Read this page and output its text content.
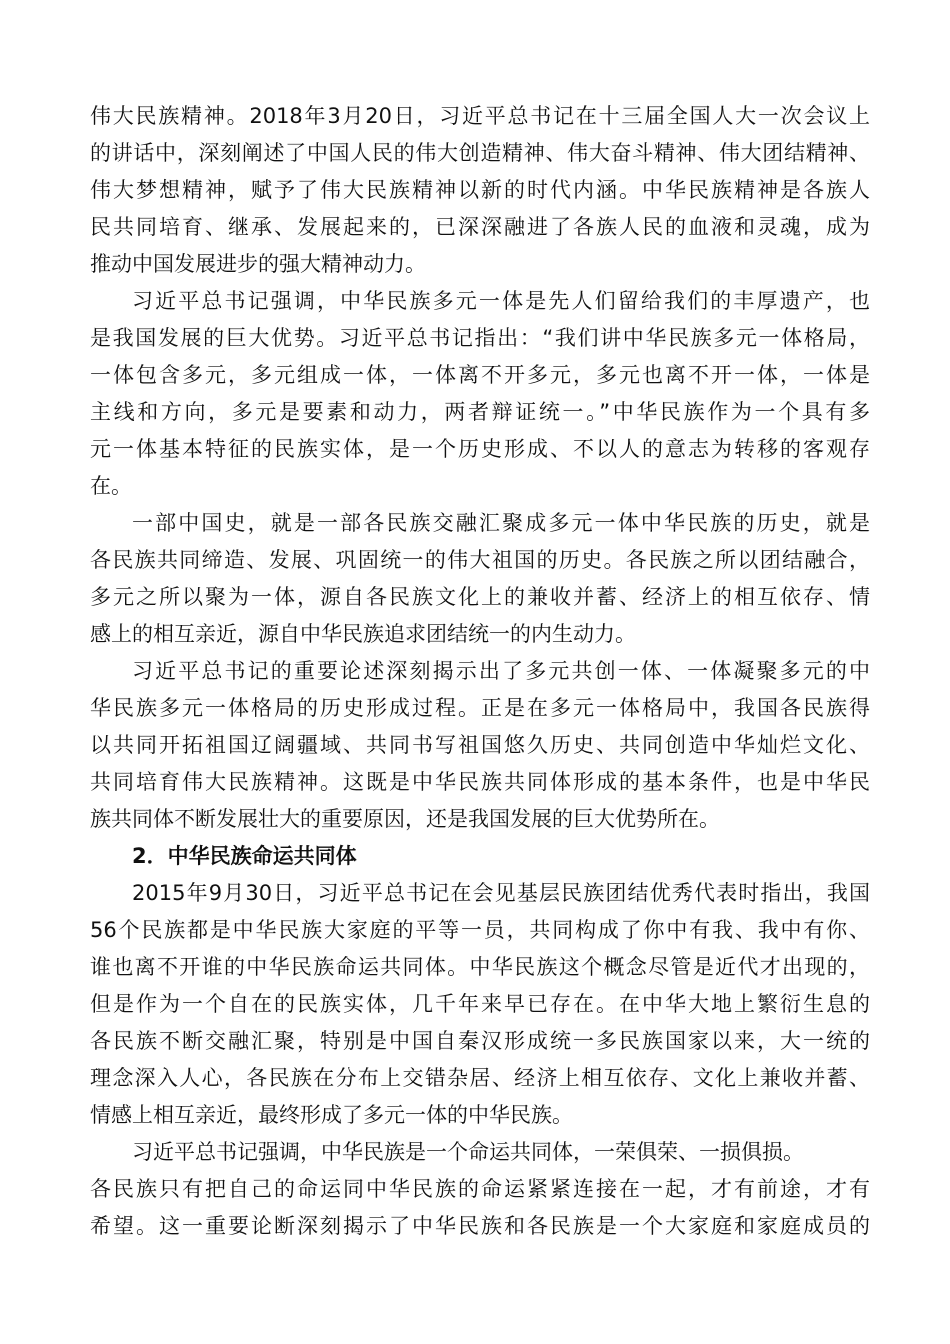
伟大民族精神。2018年3月20日，习近平总书记在十三届全国人大一次会议上
的讲话中，深刻阐述了中国人民的伟大创造精神、伟大奋斗精神、伟大团结精神、
伟大梦想精神，赋予了伟大民族精神以新的时代内涵。中华民族精神是各族人
民共同培育、继承、发展起来的，已深深融进了各族人民的血液和灵魂，成为
推动中国发展进步的强大精神动力。
习近平总书记强调，中华民族多元一体是先人们留给我们的丰厚遗产，也
是我国发展的巨大优势。习近平总书记指出：“我们讲中华民族多元一体格局，
一体包含多元，多元组成一体，一体离不开多元，多元也离不开一体，一体是
主线和方向，多元是要素和动力，两者辩证统一。”中华民族作为一个具有多
元一体基本特征的民族实体，是一个历史形成、不以人的意志为转移的客观存
在。
一部中国史，就是一部各民族交融汇聚成多元一体中华民族的历史，就是
各民族共同缔造、发展、巩固统一的伟大祖国的历史。各民族之所以团结融合，
多元之所以聚为一体，源自各民族文化上的兼收并蓄、经济上的相互依存、情
感上的相互亲近，源自中华民族追求团结统一的内生动力。
习近平总书记的重要论述深刻揭示出了多元共创一体、一体凝聚多元的中
华民族多元一体格局的历史形成过程。正是在多元一体格局中，我国各民族得
以共同开拓祖国辽阔疆域、共同书写祖国悠久历史、共同创造中华灿烂文化、
共同培育伟大民族精神。这既是中华民族共同体形成的基本条件，也是中华民
族共同体不断发展壮大的重要原因，还是我国发展的巨大优势所在。
2．中华民族命运共同体
2015年9月30日，习近平总书记在会见基层民族团结优秀代表时指出，我国
56个民族都是中华民族大家庭的平等一员，共同构成了你中有我、我中有你、
谁也离不开谁的中华民族命运共同体。中华民族这个概念尽管是近代才出现的，
但是作为一个自在的民族实体，几千年来早已存在。在中华大地上繁衍生息的
各民族不断交融汇聚，特别是中国自秦汉形成统一多民族国家以来，大一统的
理念深入人心，各民族在分布上交错杂居、经济上相互依存、文化上兼收并蓄、
情感上相互亲近，最终形成了多元一体的中华民族。
习近平总书记强调，中华民族是一个命运共同体，一荣俱荣、一损俱损。
各民族只有把自己的命运同中华民族的命运紧紧连接在一起，才有前途，才有
希望。这一重要论断深刻揭示了中华民族和各民族是一个大家庭和家庭成员的
